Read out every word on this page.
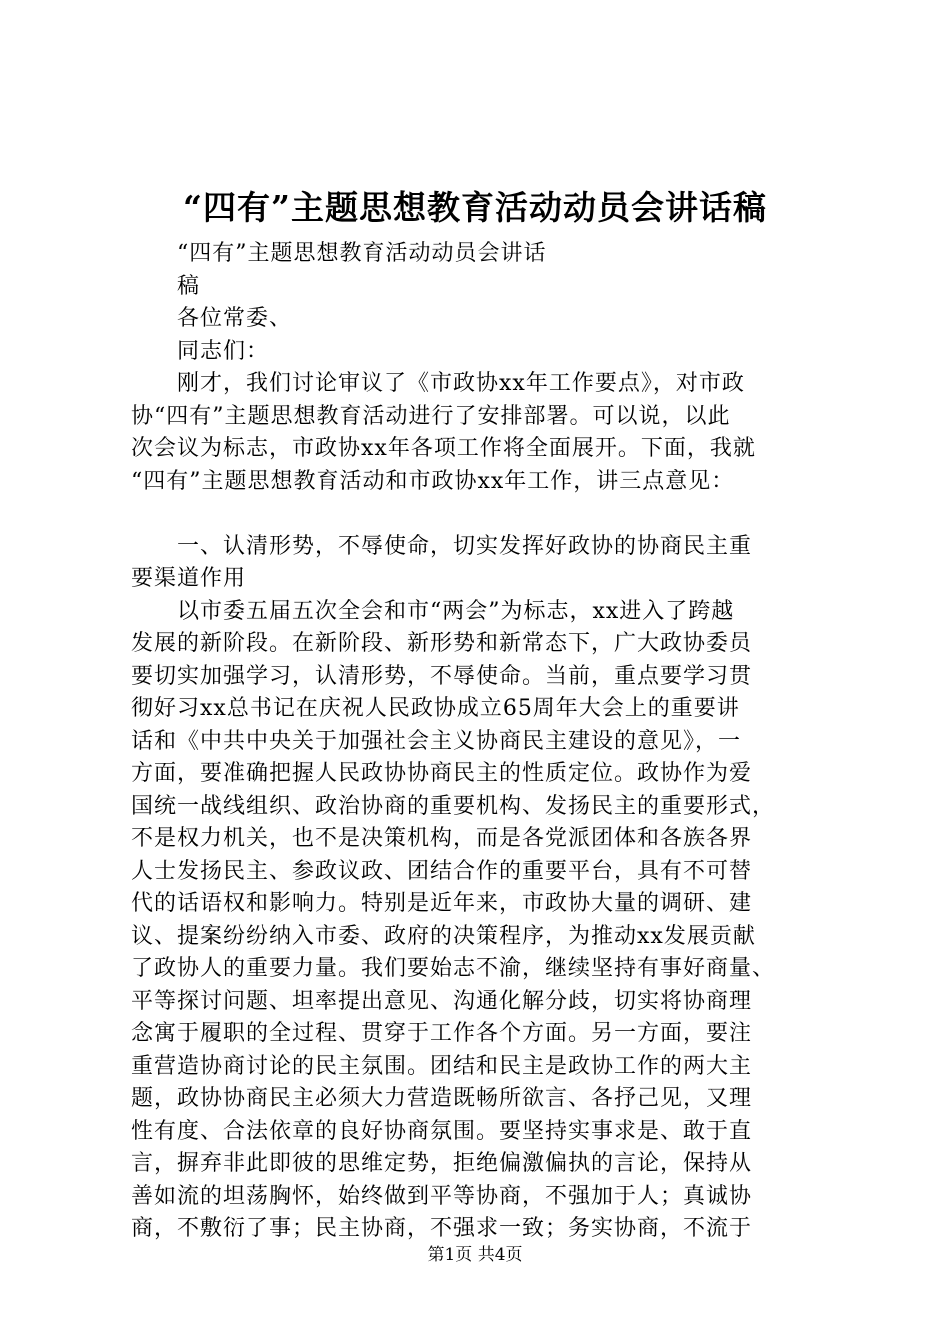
“四有”主题思想教育活动动员会讲话稿
“四有”主题思想教育活动动员会讲话
稿
各位常委、
同志们：
刚才，我们讨论审议了《市政协xx年工作要点》，对市政
协“四有”主题思想教育活动进行了安排部署。可以说，以此
次会议为标志，市政协xx年各项工作将全面展开。下面，我就
“四有”主题思想教育活动和市政协xx年工作，讲三点意见：
一、认清形势，不辱使命，切实发挥好政协的协商民主重
要渠道作用
以市委五届五次全会和市“两会”为标志，xx进入了跨越
发展的新阶段。在新阶段、新形势和新常态下，广大政协委员
要切实加强学习，认清形势，不辱使命。当前，重点要学习贯
彻好习xx总书记在庆祝人民政协成立65周年大会上的重要讲
话和《中共中央关于加强社会主义协商民主建设的意见》，一
方面，要准确把握人民政协协商民主的性质定位。政协作为爱
国统一战线组织、政治协商的重要机构、发扬民主的重要形式，
不是权力机关，也不是决策机构，而是各党派团体和各族各界
人士发扬民主、参政议政、团结合作的重要平台，具有不可替
代的话语权和影响力。特别是近年来，市政协大量的调研、建
议、提案纷纷纳入市委、政府的决策程序，为推动xx发展贡献
了政协人的重要力量。我们要始志不渝，继续坚持有事好商量、
平等探讨问题、坦率提出意见、沟通化解分歧，切实将协商理
念寓于履职的全过程、贯穿于工作各个方面。另一方面，要注
重营造协商讨论的民主氛围。团结和民主是政协工作的两大主
题，政协协商民主必须大力营造既畅所欲言、各抒己见，又理
性有度、合法依章的良好协商氛围。要坚持实事求是、敢于直
言，摒弃非此即彼的思维定势，拒绝偏激偏执的言论，保持从
善如流的坦荡胸怀，始终做到平等协商，不强加于人；真诚协
商，不敷衍了事；民主协商，不强求一致；务实协商，不流于
第1页 共4页
